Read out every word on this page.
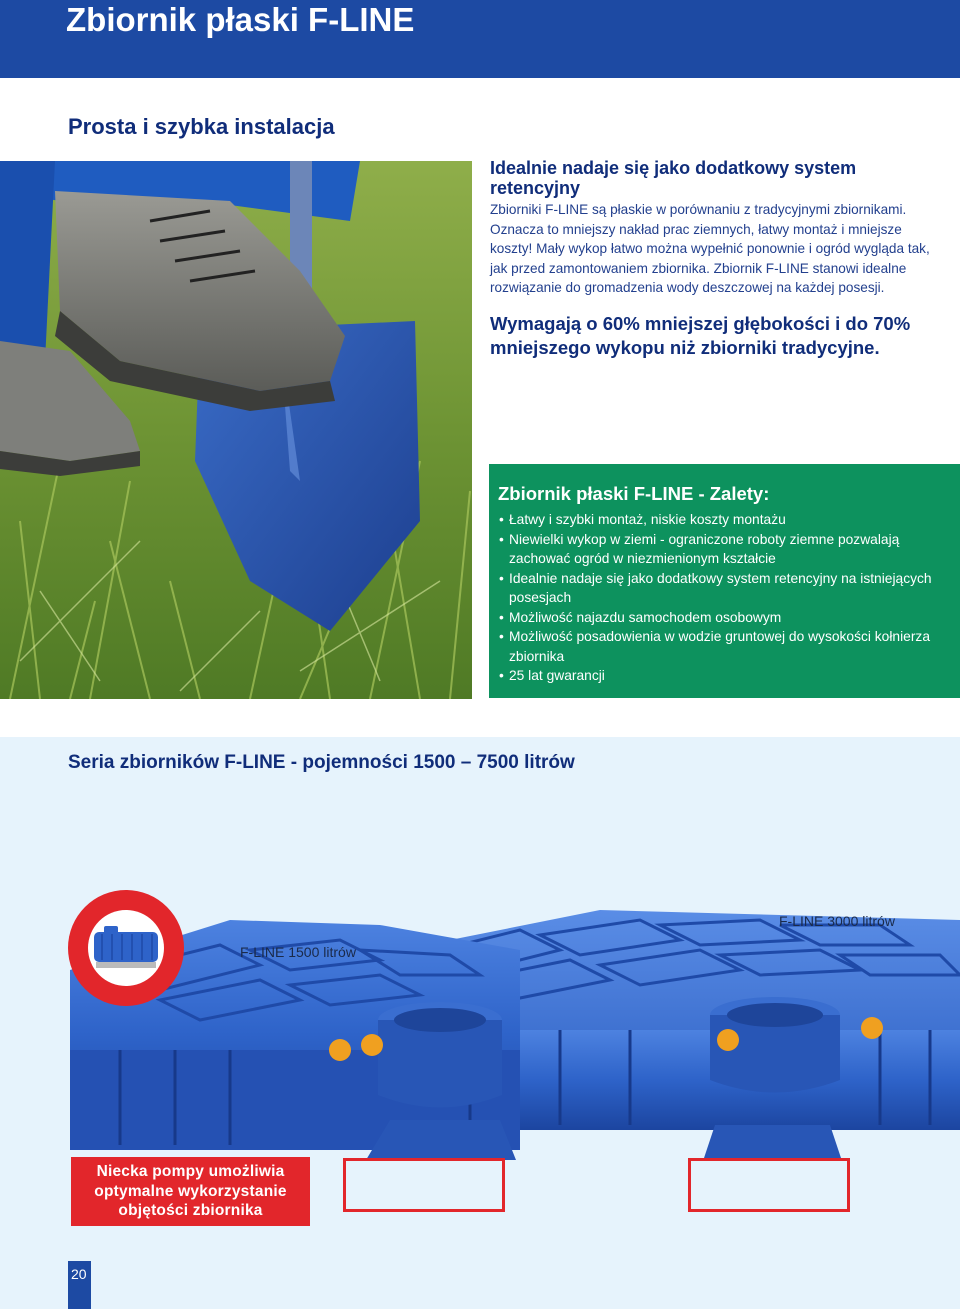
Zbiornik płaski F-LINE
Prosta i szybka instalacja
Idealnie nadaje się jako dodatkowy system retencyjny

Zbiorniki F-LINE są płaskie w porównaniu z tradycyjnymi zbiornikami. Oznacza to mniejszy nakład prac ziemnych, łatwy montaż i mniejsze koszty! Mały wykop łatwo można wypełnić ponownie i ogród wygląda tak, jak przed zamontowaniem zbiornika. Zbiornik F-LINE stanowi idealne rozwiązanie do gromadzenia wody deszczowej na każdej posesji.

Wymagają o 60% mniejszej głębokości i do 70% mniejszego wykopu niż zbiorniki tradycyjne.

Zbiornik płaski F-LINE - Zalety:
• Łatwy i szybki montaż, niskie koszty montażu
• Niewielki wykop w ziemi - ograniczone roboty ziemne pozwalają zachować ogród w niezmienionym kształcie
• Idealnie nadaje się jako dodatkowy system retencyjny na istniejących posesjach
• Możliwość najazdu samochodem osobowym
• Możliwość posadowienia w wodzie gruntowej do wysokości kołnierza zbiornika
• 25 lat gwarancji
Seria zbiorników F-LINE - pojemności 1500 – 7500 litrów
F-LINE 1500 litrów
F-LINE 3000 litrów
Niecka pompy umożliwia optymalne wykorzystanie objętości zbiornika
20
